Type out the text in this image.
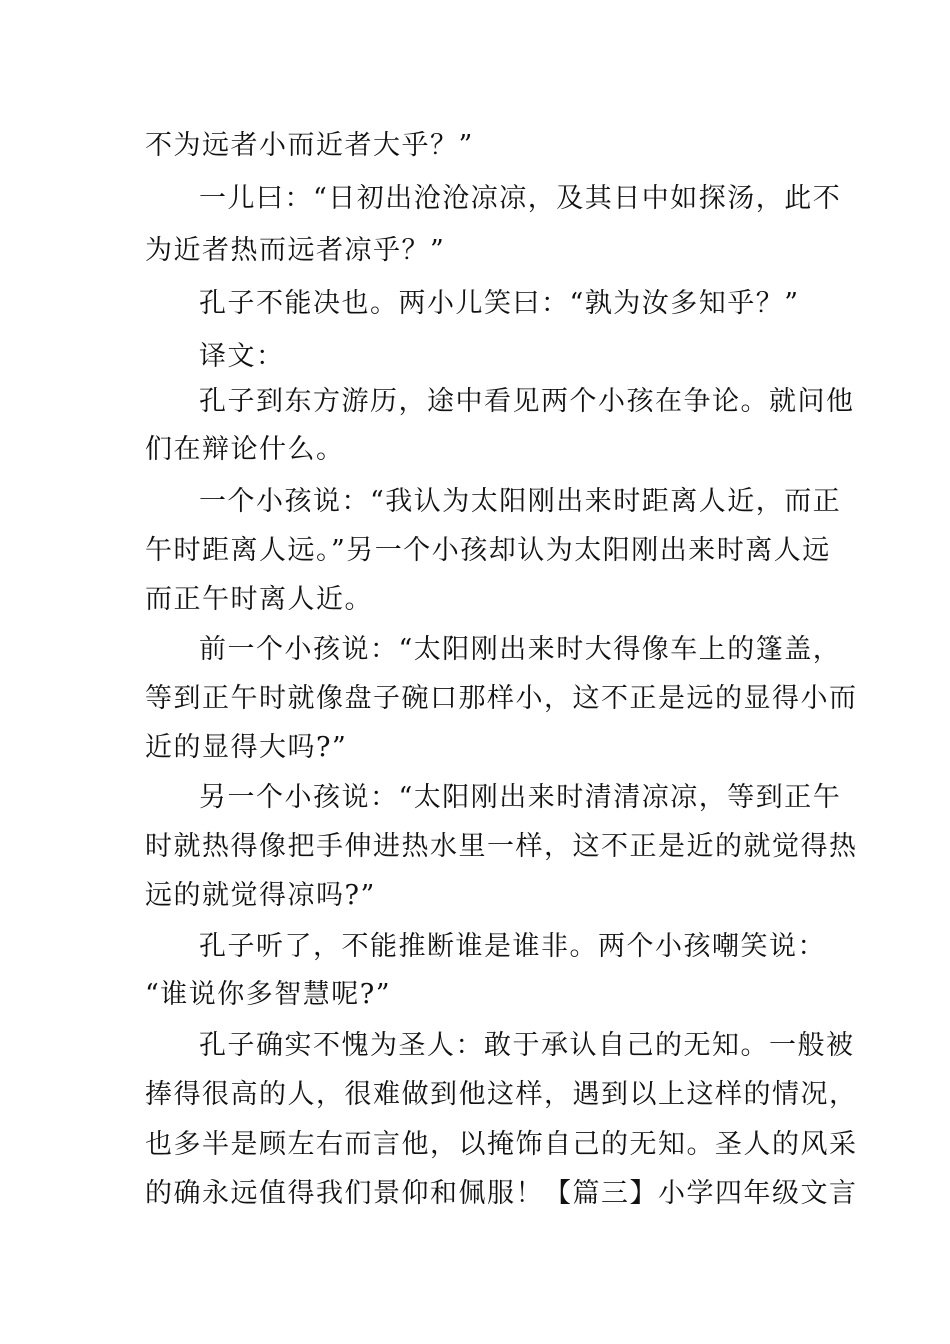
不为远者小而近者大乎？”
一儿曰：“日初出沧沧凉凉，及其日中如探汤，此不
为近者热而远者凉乎？”
孔子不能决也。两小儿笑曰：“孰为汝多知乎？”
译文：
孔子到东方游历，途中看见两个小孩在争论。就问他
们在辩论什么。
一个小孩说：“我认为太阳刚出来时距离人近，而正
午时距离人远。”另一个小孩却认为太阳刚出来时离人远
而正午时离人近。
前一个小孩说：“太阳刚出来时大得像车上的篷盖，
等到正午时就像盘子碗口那样小，这不正是远的显得小而
近的显得大吗?”
另一个小孩说：“太阳刚出来时清清凉凉，等到正午
时就热得像把手伸进热水里一样，这不正是近的就觉得热
远的就觉得凉吗?”
孔子听了，不能推断谁是谁非。两个小孩嘲笑说：
“谁说你多智慧呢?”
孔子确实不愧为圣人：敢于承认自己的无知。一般被
捧得很高的人，很难做到他这样，遇到以上这样的情况，
也多半是顾左右而言他，以掩饰自己的无知。圣人的风采
的确永远值得我们景仰和佩服！【篇三】小学四年级文言
